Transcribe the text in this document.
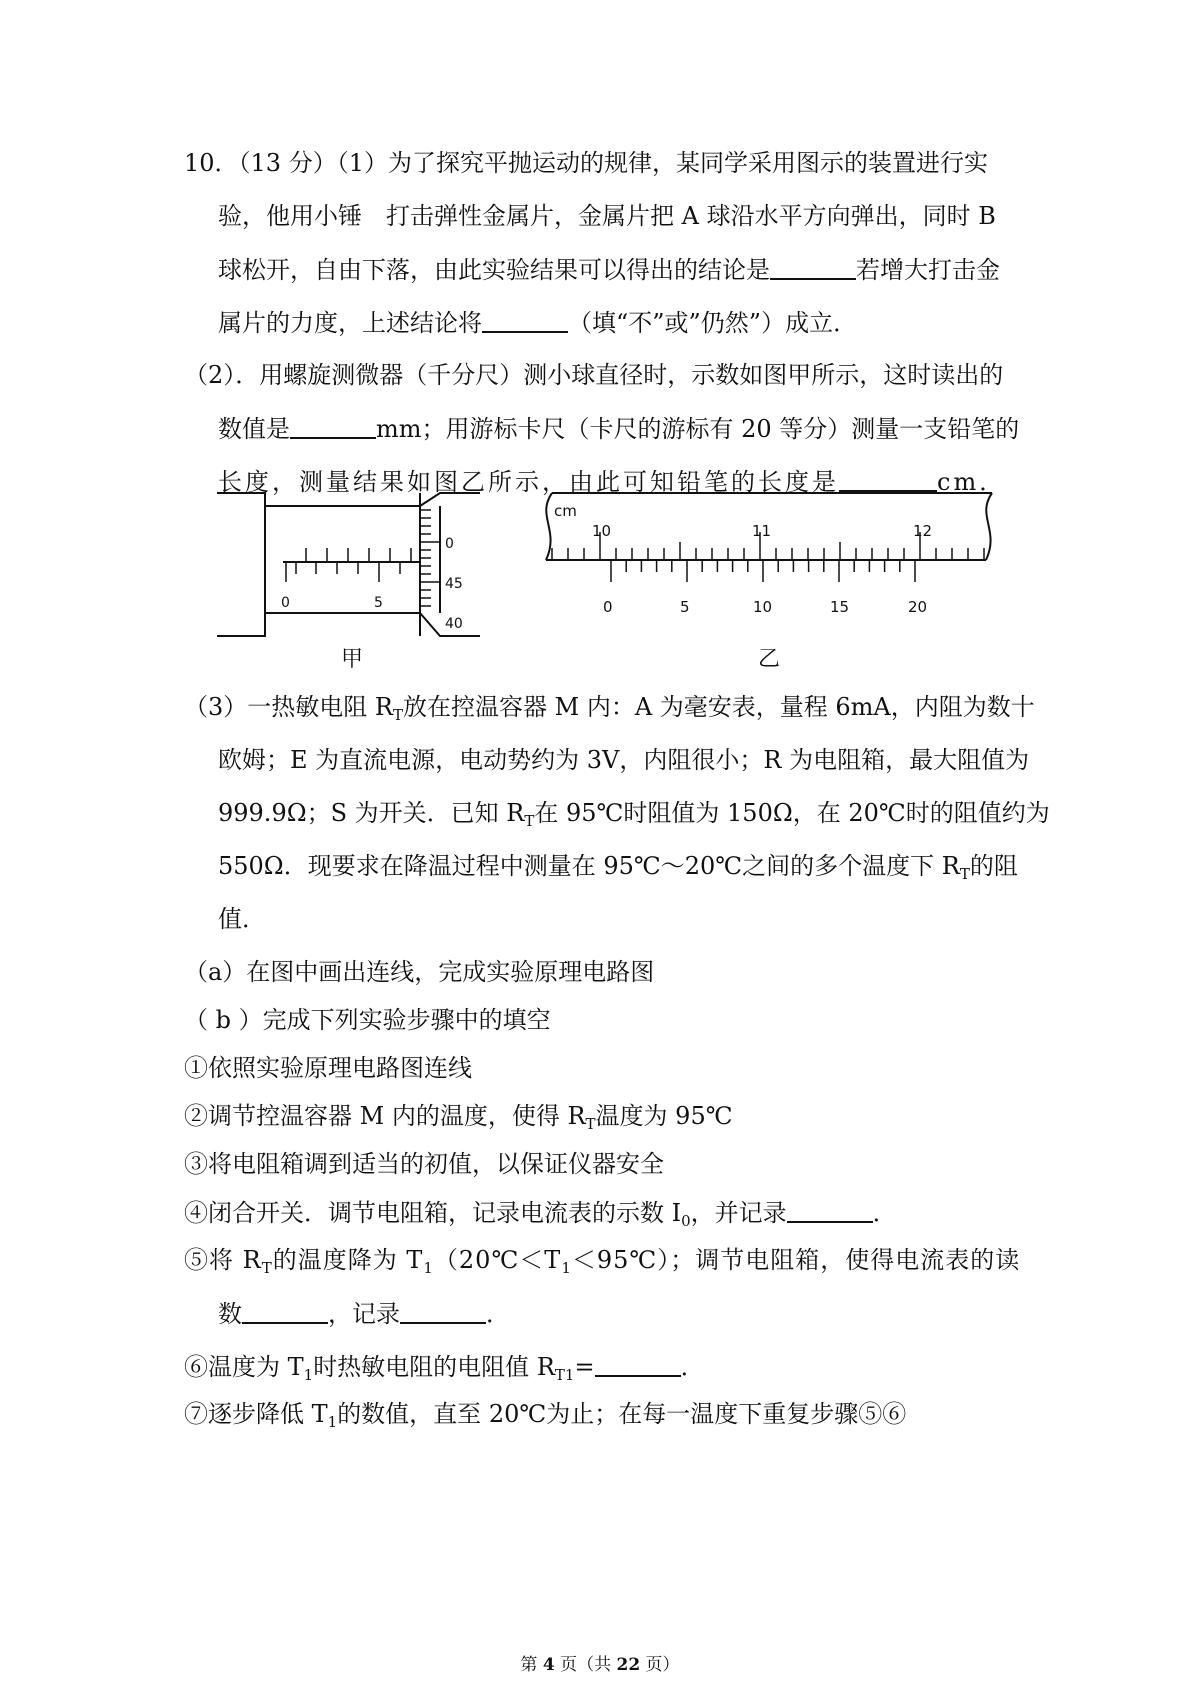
10．（13 分）（1）为了探究平抛运动的规律，某同学采用图示的装置进行实
验，他用小锤　打击弹性金属片，金属片把 A 球沿水平方向弹出，同时 B
球松开，自由下落，由此实验结果可以得出的结论是	若增大打击金
属片的力度，上述结论将	（填“不”或”仍然”）成立．
（2）．用螺旋测微器（千分尺）测小球直径时，示数如图甲所示，这时读出的
数值是	mm；用游标卡尺（卡尺的游标有 20 等分）测量一支铅笔的
长度，测量结果如图乙所示，由此可知铅笔的长度是	cm．
0	5
0
45
40
甲
cm
10	11	12
0	5	10	15	20
乙
（3）一热敏电阻 $R_T$放在控温容器 M 内：A 为毫安表，量程 6mA，内阻为数十
欧姆；E 为直流电源，电动势约为 3V，内阻很小；R 为电阻箱，最大阻值为
999.9Ω；S 为开关．已知 $R_T$在 95℃时阻值为 150Ω，在 20℃时的阻值约为
550Ω．现要求在降温过程中测量在 95℃～20℃之间的多个温度下 $R_T$的阻
值．
（a）在图中画出连线，完成实验原理电路图
（ b ）完成下列实验步骤中的填空
①依照实验原理电路图连线
②调节控温容器 M 内的温度，使得 $R_T$温度为 95℃
③将电阻箱调到适当的初值，以保证仪器安全
④闭合开关．调节电阻箱，记录电流表的示数 $I_0$，并记录	．
⑤将 $R_T$的温度降为 $T_1(20℃<T_1<95℃)$；调节电阻箱，使得电流表的读
数	，记录	．
⑥温度为 $T_1$时热敏电阻的电阻值 $R_{T1}=$	．
⑦逐步降低 $T_1$的数值，直至 20℃为止；在每一温度下重复步骤⑤⑥
第 4 页（共 22 页）
